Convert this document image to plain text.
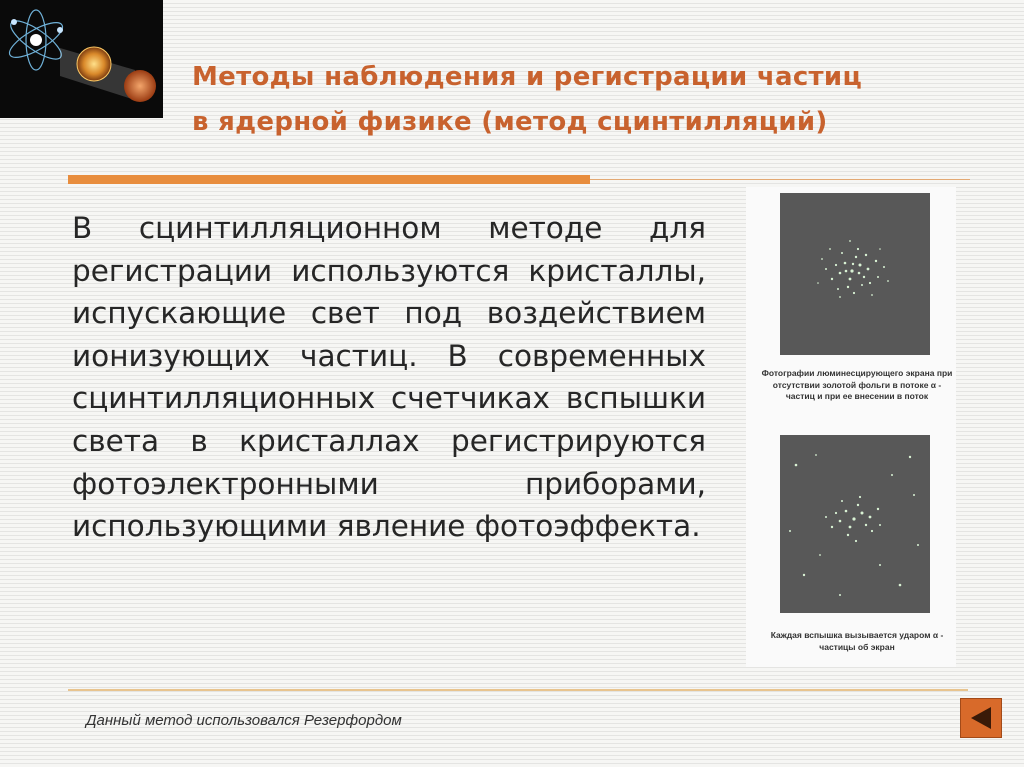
Методы наблюдения и регистрации частиц
в ядерной физике (метод сцинтилляций)
В сцинтилляционном методе для регистрации используются кристаллы, испускающие свет под воздействием ионизующих частиц. В современных сцинтилляционных счетчиках вспышки света в кристаллах регистрируются фотоэлектронными приборами, использующими явление фотоэффекта.
Фотографии люминесцирующего экрана при отсутствии золотой фольги в потоке α - частиц и при ее внесении в поток
Каждая вспышка вызывается ударом α - частицы об экран
Данный метод использовался Резерфордом
